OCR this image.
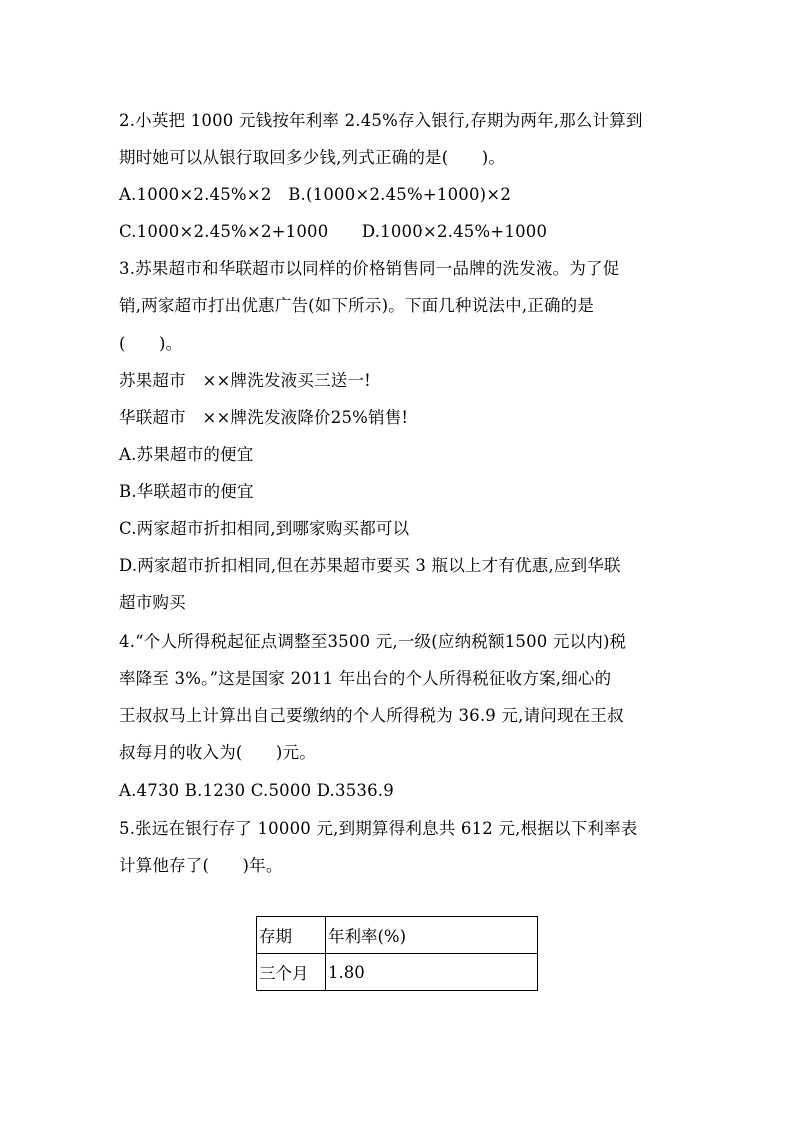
2.小英把 1000 元钱按年利率 2.45%存入银行,存期为两年,那么计算到
期时她可以从银行取回多少钱,列式正确的是(　　)。
A.1000×2.45%×2　B.(1000×2.45%+1000)×2
C.1000×2.45%×2+1000　　D.1000×2.45%+1000
3.苏果超市和华联超市以同样的价格销售同一品牌的洗发液。为了促
销,两家超市打出优惠广告(如下所示)。下面几种说法中,正确的是
(　　)。
苏果超市　××牌洗发液买三送一!
华联超市　××牌洗发液降价25%销售!
A.苏果超市的便宜
B.华联超市的便宜
C.两家超市折扣相同,到哪家购买都可以
D.两家超市折扣相同,但在苏果超市要买 3 瓶以上才有优惠,应到华联
超市购买
4.“个人所得税起征点调整至3500 元,一级(应纳税额1500 元以内)税
率降至 3%。”这是国家 2011 年出台的个人所得税征收方案,细心的
王叔叔马上计算出自己要缴纳的个人所得税为 36.9 元,请问现在王叔
叔每月的收入为(　　)元。
A.4730 B.1230 C.5000 D.3536.9
5.张远在银行存了 10000 元,到期算得利息共 612 元,根据以下利率表
计算他存了(　　)年。
存期	年利率(%)
三个月	1.80
